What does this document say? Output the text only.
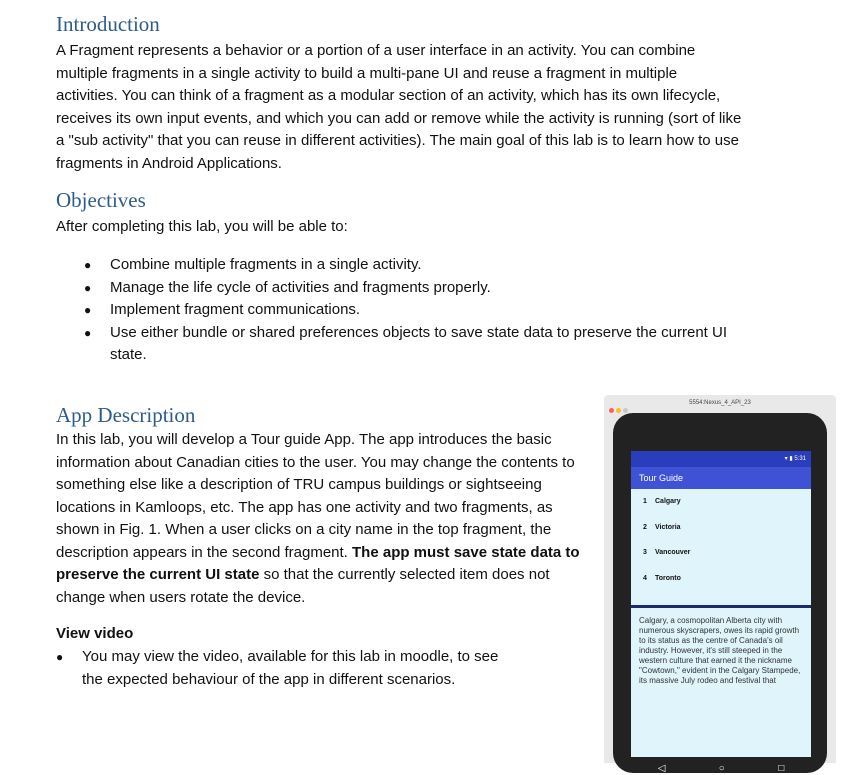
Introduction
A Fragment represents a behavior or a portion of a user interface in an activity. You can combine
multiple fragments in a single activity to build a multi-pane UI and reuse a fragment in multiple
activities. You can think of a fragment as a modular section of an activity, which has its own lifecycle,
receives its own input events, and which you can add or remove while the activity is running (sort of like
a "sub activity" that you can reuse in different activities). The main goal of this lab is to learn how to use
fragments in Android Applications.
Objectives
After completing this lab, you will be able to:
● Combine multiple fragments in a single activity.
● Manage the life cycle of activities and fragments properly.
● Implement fragment communications.
● Use either bundle or shared preferences objects to save state data to preserve the current UI
state.
App Description
In this lab, you will develop a Tour guide App. The app introduces the basic
information about Canadian cities to the user. You may change the contents to
something else like a description of TRU campus buildings or sightseeing
locations in Kamloops, etc. The app has one activity and two fragments, as
shown in Fig. 1. When a user clicks on a city name in the top fragment, the
description appears in the second fragment. The app must save state data to
preserve the current UI state so that the currently selected item does not
change when users rotate the device.
View video
● You may view the video, available for this lab in moodle, to see
the expected behaviour of the app in different scenarios.
5554:Nexus_4_API_23
▾ ▮ 5:31
Tour Guide
1 Calgary
2 Victoria
3 Vancouver
4 Toronto
Calgary, a cosmopolitan Alberta city with numerous skyscrapers, owes its rapid growth to its status as the centre of Canada's oil industry. However, it's still steeped in the western culture that earned it the nickname "Cowtown," evident in the Calgary Stampede, its massive July rodeo and festival that
◁	○	□
